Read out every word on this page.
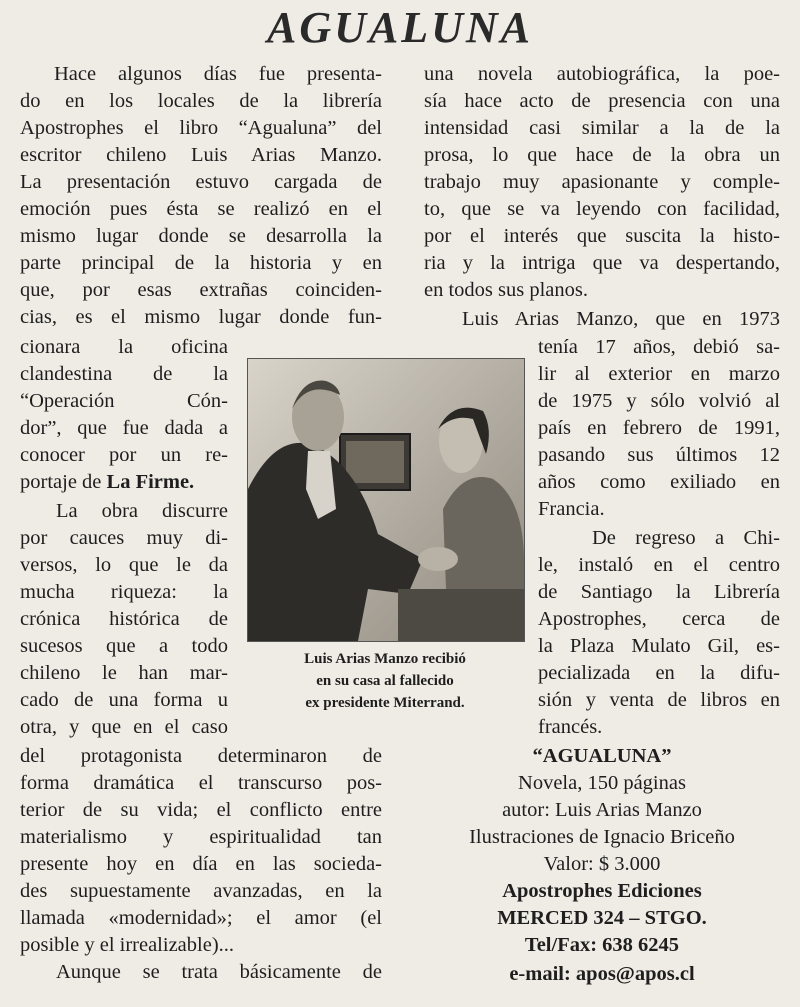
AGUALUNA
Hace algunos días fue presenta-
do en los locales de la librería
Apostrophes el libro “Agualuna” del
escritor chileno Luis Arias Manzo.
La presentación estuvo cargada de
emoción pues ésta se realizó en el
mismo lugar donde se desarrolla la
parte principal de la historia y en
que, por esas extrañas coinciden-
cias, es el mismo lugar donde fun-
cionara la oficina
clandestina de la
“Operación Cón-
dor”, que fue dada a
conocer por un re-
portaje de La Firme.
La obra discurre
por cauces muy di-
versos, lo que le da
mucha riqueza: la
crónica histórica de
sucesos que a todo
chileno le han mar-
cado de una forma u
otra, y que en el caso
del protagonista determinaron de
forma dramática el transcurso pos-
terior de su vida; el conflicto entre
materialismo y espiritualidad tan
presente hoy en día en las socieda-
des supuestamente avanzadas, en la
llamada «modernidad»; el amor (el
posible y el irrealizable)...
Aunque se trata básicamente de
una novela autobiográfica, la poe-
sía hace acto de presencia con una
intensidad casi similar a la de la
prosa, lo que hace de la obra un
trabajo muy apasionante y comple-
to, que se va leyendo con facilidad,
por el interés que suscita la histo-
ria y la intriga que va despertando,
en todos sus planos.
Luis Arias Manzo, que en 1973
tenía 17 años, debió sa-
lir al exterior en marzo
de 1975 y sólo volvió al
país en febrero de 1991,
pasando sus últimos 12
años como exiliado en
Francia.
De regreso a Chi-
le, instaló en el centro
de Santiago la Librería
Apostrophes, cerca de
la Plaza Mulato Gil, es-
pecializada en la difu-
sión y venta de libros en
francés.
“AGUALUNA”
Novela, 150 páginas
autor: Luis Arias Manzo
Ilustraciones de Ignacio Briceño
Valor: $ 3.000
Apostrophes Ediciones
MERCED 324 – STGO.
Tel/Fax: 638 6245
e-mail: apos@apos.cl
Luis Arias Manzo recibió
en su casa al fallecido
ex presidente Miterrand.
